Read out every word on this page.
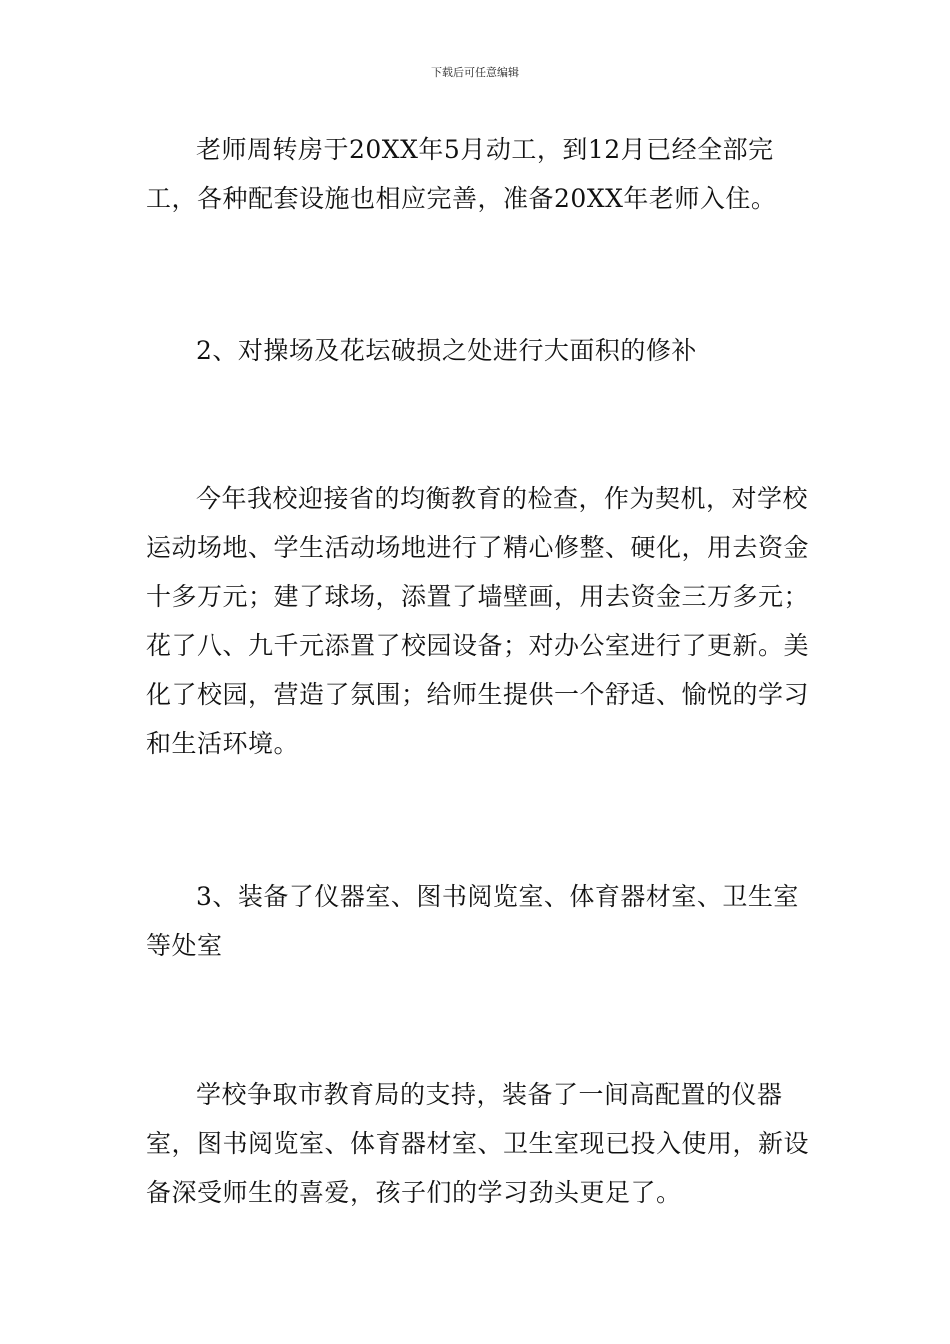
下载后可任意编辑

老师周转房于20XX年5月动工，到12月已经全部完工，各种配套设施也相应完善，准备20XX年老师入住。

2、对操场及花坛破损之处进行大面积的修补

今年我校迎接省的均衡教育的检查，作为契机，对学校运动场地、学生活动场地进行了精心修整、硬化，用去资金十多万元；建了球场，添置了墙壁画，用去资金三万多元；花了八、九千元添置了校园设备；对办公室进行了更新。美化了校园，营造了氛围；给师生提供一个舒适、愉悦的学习和生活环境。

3、装备了仪器室、图书阅览室、体育器材室、卫生室等处室

学校争取市教育局的支持，装备了一间高配置的仪器室，图书阅览室、体育器材室、卫生室现已投入使用，新设备深受师生的喜爱，孩子们的学习劲头更足了。
